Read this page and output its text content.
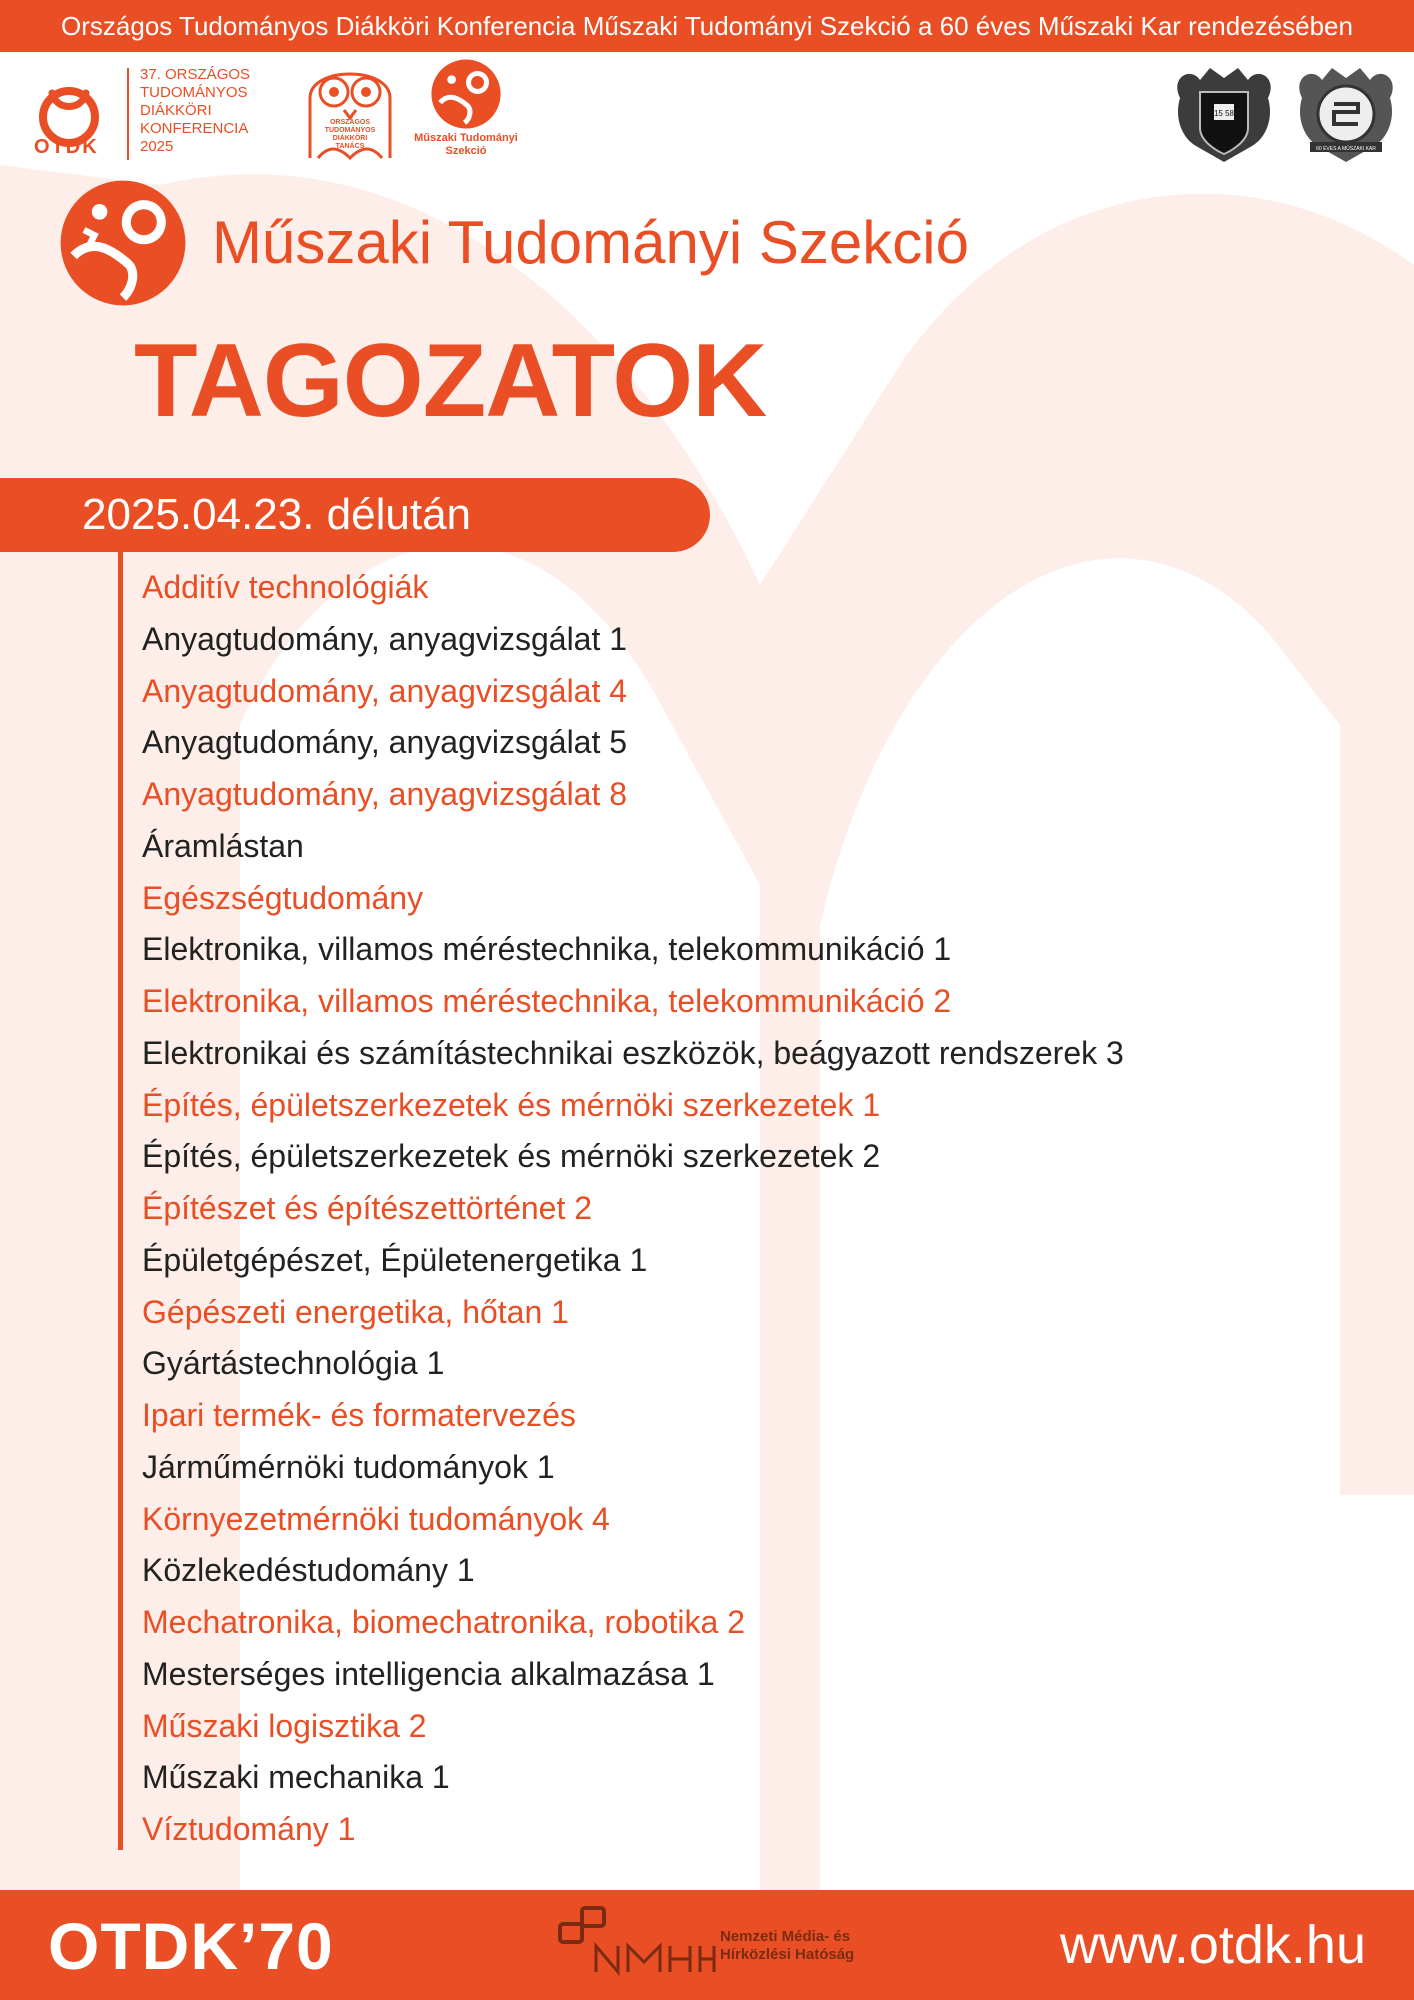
Országos Tudományos Diákköri Konferencia Műszaki Tudományi Szekció a 60 éves Műszaki Kar rendezésében
OTDK
37. ORSZÁGOS
TUDOMÁNYOS
DIÁKKÖRI
KONFERENCIA
2025
ORSZÁGOS
TUDOMÁNYOS
DIÁKKÖRI
TANÁCS
Műszaki Tudományi
Szekció
15 58
60 ÉVES A MŰSZAKI KAR
Műszaki Tudományi Szekció
TAGOZATOK
2025.04.23. délután
Additív technológiák
Anyagtudomány, anyagvizsgálat 1
Anyagtudomány, anyagvizsgálat 4
Anyagtudomány, anyagvizsgálat 5
Anyagtudomány, anyagvizsgálat 8
Áramlástan
Egészségtudomány
Elektronika, villamos méréstechnika, telekommunikáció 1
Elektronika, villamos méréstechnika, telekommunikáció 2
Elektronikai és számítástechnikai eszközök, beágyazott rendszerek 3
Építés, épületszerkezetek és mérnöki szerkezetek 1
Építés, épületszerkezetek és mérnöki szerkezetek 2
Építészet és építészettörténet 2
Épületgépészet, Épületenergetika 1
Gépészeti energetika, hőtan 1
Gyártástechnológia 1
Ipari termék- és formatervezés
Járműmérnöki tudományok 1
Környezetmérnöki tudományok 4
Közlekedéstudomány 1
Mechatronika, biomechatronika, robotika 2
Mesterséges intelligencia alkalmazása 1
Műszaki logisztika 2
Műszaki mechanika 1
Víztudomány 1
OTDK’70	Nemzeti Média- és
Hírközlési Hatóság	www.otdk.hu
